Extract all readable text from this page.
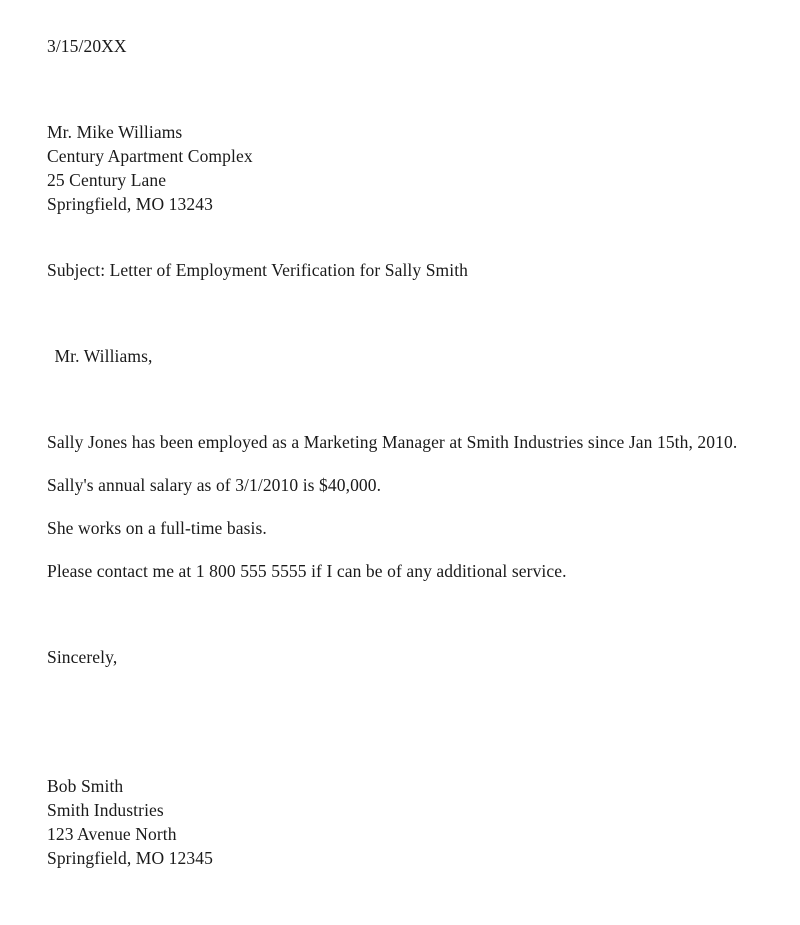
3/15/20XX
Mr. Mike Williams
Century Apartment Complex
25 Century Lane
Springfield, MO 13243
Subject: Letter of Employment Verification for Sally Smith
Mr. Williams,
Sally Jones has been employed as a Marketing Manager at Smith Industries since Jan 15th, 2010.
Sally's annual salary as of 3/1/2010 is $40,000.
She works on a full-time basis.
Please contact me at 1 800 555 5555 if I can be of any additional service.
Sincerely,
Bob Smith
Smith Industries
123 Avenue North
Springfield, MO 12345
